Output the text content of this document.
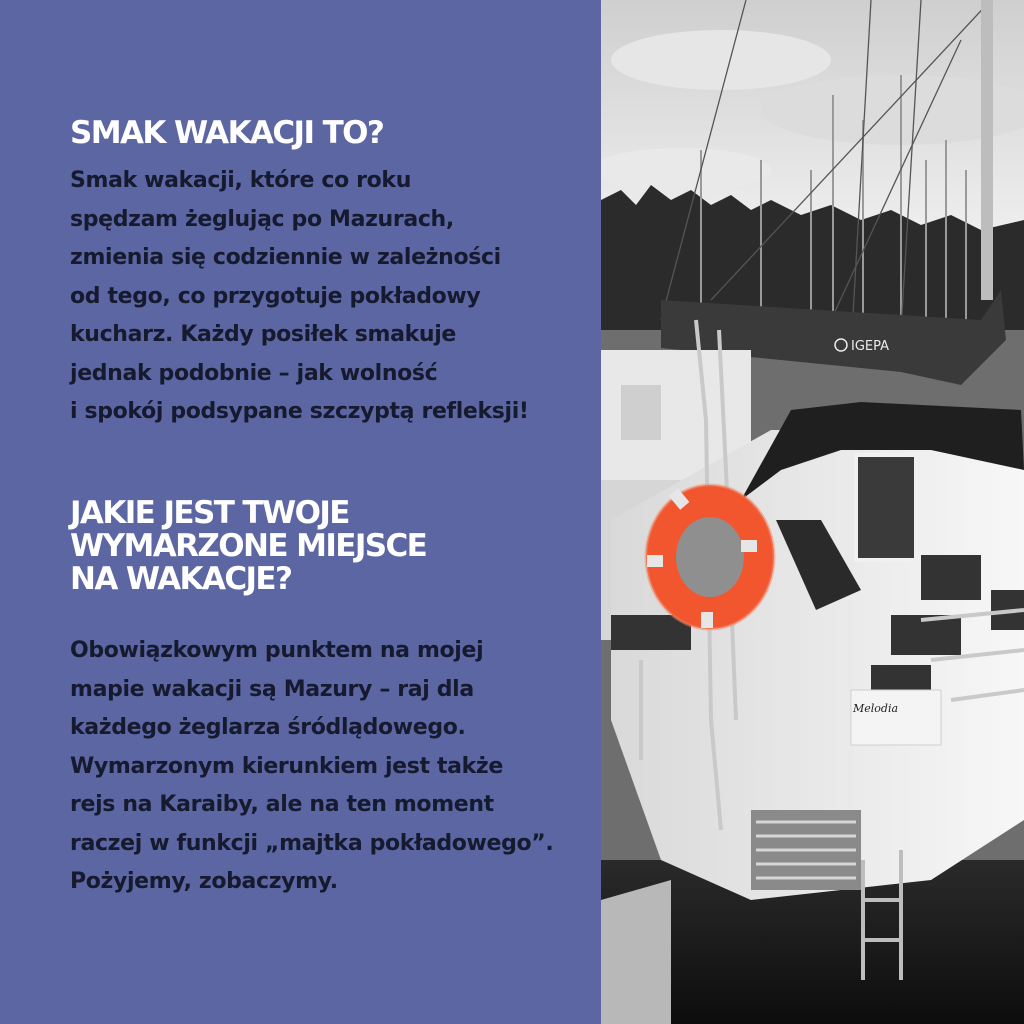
SMAK WAKACJI TO?

Smak wakacji, które co roku
spędzam żeglując po Mazurach,
zmienia się codziennie w zależności
od tego, co przygotuje pokładowy
kucharz. Każdy posiłek smakuje
jednak podobnie – jak wolność
i spokój podsypane szczyptą refleksji!

JAKIE JEST TWOJE
WYMARZONE MIEJSCE
NA WAKACJE?

Obowiązkowym punktem na mojej
mapie wakacji są Mazury – raj dla
każdego żeglarza śródlądowego.
Wymarzonym kierunkiem jest także
rejs na Karaiby, ale na ten moment
raczej w funkcji „majtka pokładowego”.
Pożyjemy, zobaczymy.

IGEPA
Melodia
